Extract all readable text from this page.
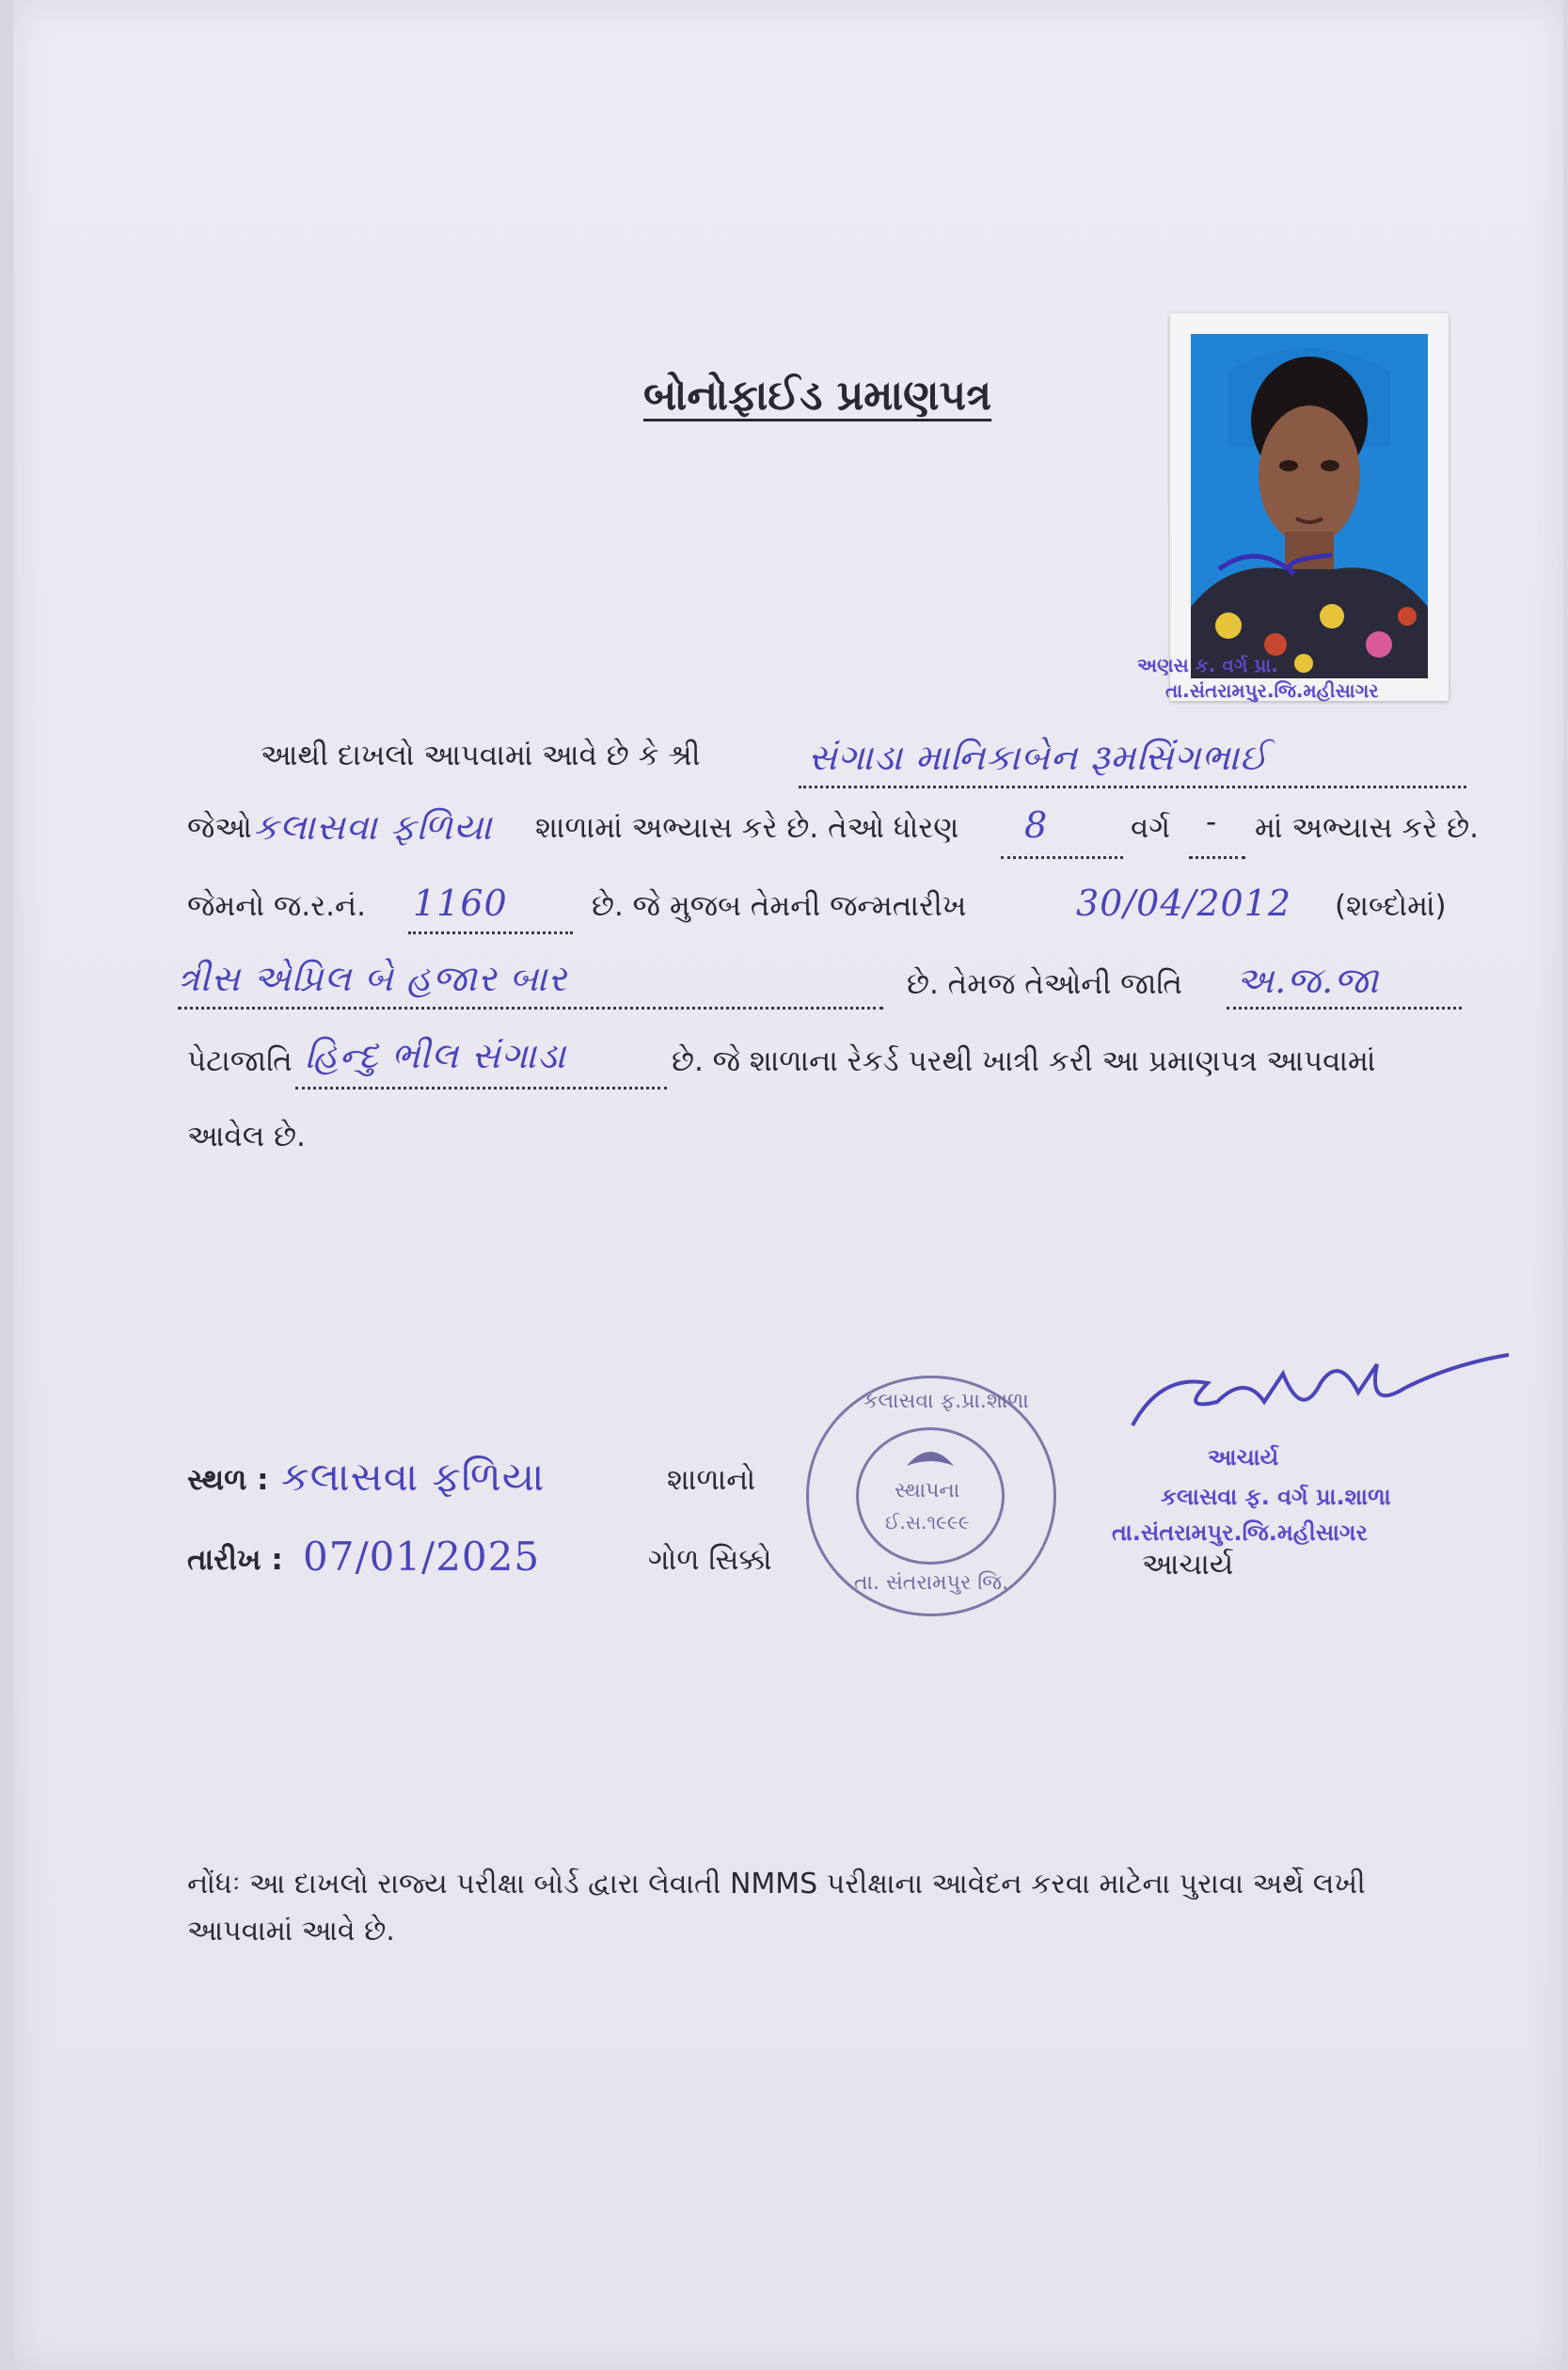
બોનોફાઈડ પ્રમાણપત્ર
અણસ ક. વર્ગ પ્રા.
તા.સંતરામપુર.જિ.મહીસાગર
આથી દાખલો આપવામાં આવે છે કે શ્રી	સંગાડા માનિકાબેન રૂમસિંગભાઈ
જેઓ કલાસવા ફળિયા શાળામાં અભ્યાસ કરે છે. તેઓ ધોરણ 8	વર્ગ - માં અભ્યાસ કરે છે.
જેમનો જ.ર.નં. 1160	છે. જે મુજબ તેમની જન્મતારીખ	30/04/2012 (શબ્દોમાં)
ત્રીસ એપ્રિલ બે હજાર બાર	છે. તેમજ તેઓની જાતિ અ.જ.જા
પેટાજાતિ હિન્દુ ભીલ સંગાડા	છે. જે શાળાના રેકર્ડ પરથી ખાત્રી કરી આ પ્રમાણપત્ર આપવામાં
આવેલ છે.
સ્થળ : કલાસવા ફળિયા
તારીખ : 07/01/2025
શાળાનો
ગોળ સિક્કો
કલાસવા ફ.પ્રા.શાળા
સ્થાપના
ઈ.સ.૧૯૯૯
તા. સંતરામપુર જિ.
આચાર્ય
કલાસવા ફ. વર્ગ પ્રા.શાળા
તા.સંતરામપુર.જિ.મહીસાગર
આચાર્ય
નોંધઃ આ દાખલો રાજ્ય પરીક્ષા બોર્ડ દ્વારા લેવાતી NMMS પરીક્ષાના આવેદન કરવા માટેના પુરાવા અર્થે લખી
આપવામાં આવે છે.
